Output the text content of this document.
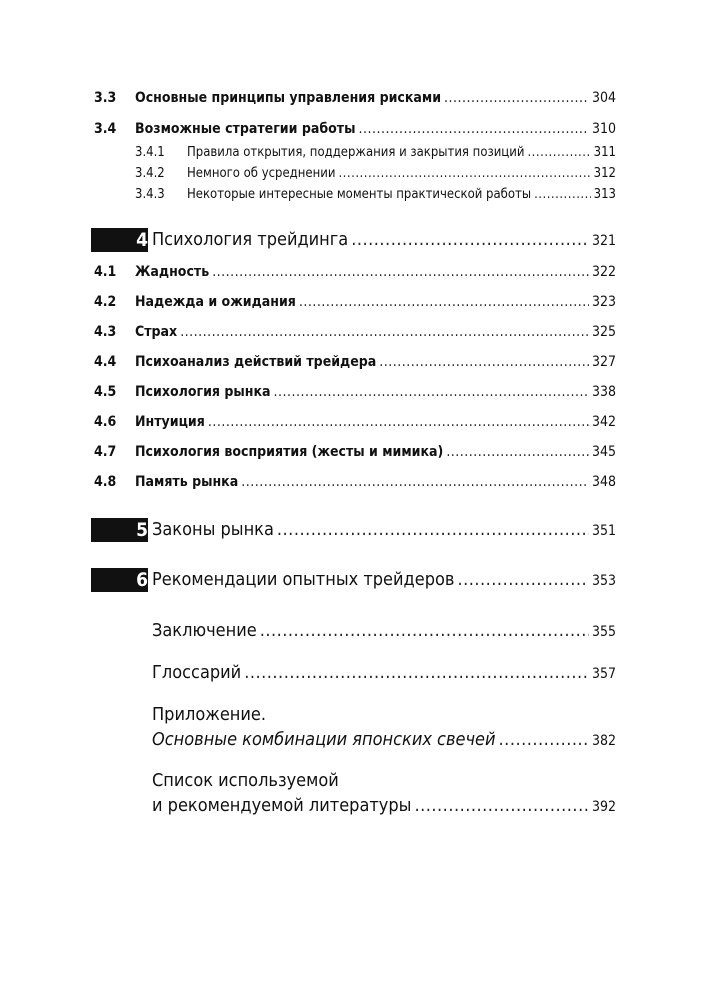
3.3 Основные принципы управления рисками .....	304
3.4 Возможные стратегии работы .....	310
3.4.1 Правила открытия, поддержания и закрытия позиций .....	311
3.4.2 Немного об усреднении .....	312
3.4.3 Некоторые интересные моменты практической работы .....	313
4 Психология трейдинга .....	321
4.1 Жадность .....	322
4.2 Надежда и ожидания .....	323
4.3 Страх .....	325
4.4 Психоанализ действий трейдера .....	327
4.5 Психология рынка .....	338
4.6 Интуиция .....	342
4.7 Психология восприятия (жесты и мимика) .....	345
4.8 Память рынка .....	348
5 Законы рынка .....	351
6 Рекомендации опытных трейдеров .....	353
Заключение .....	355
Глоссарий .....	357
Приложение.
Основные комбинации японских свечей .....	382
Список используемой
и рекомендуемой литературы .....	392
